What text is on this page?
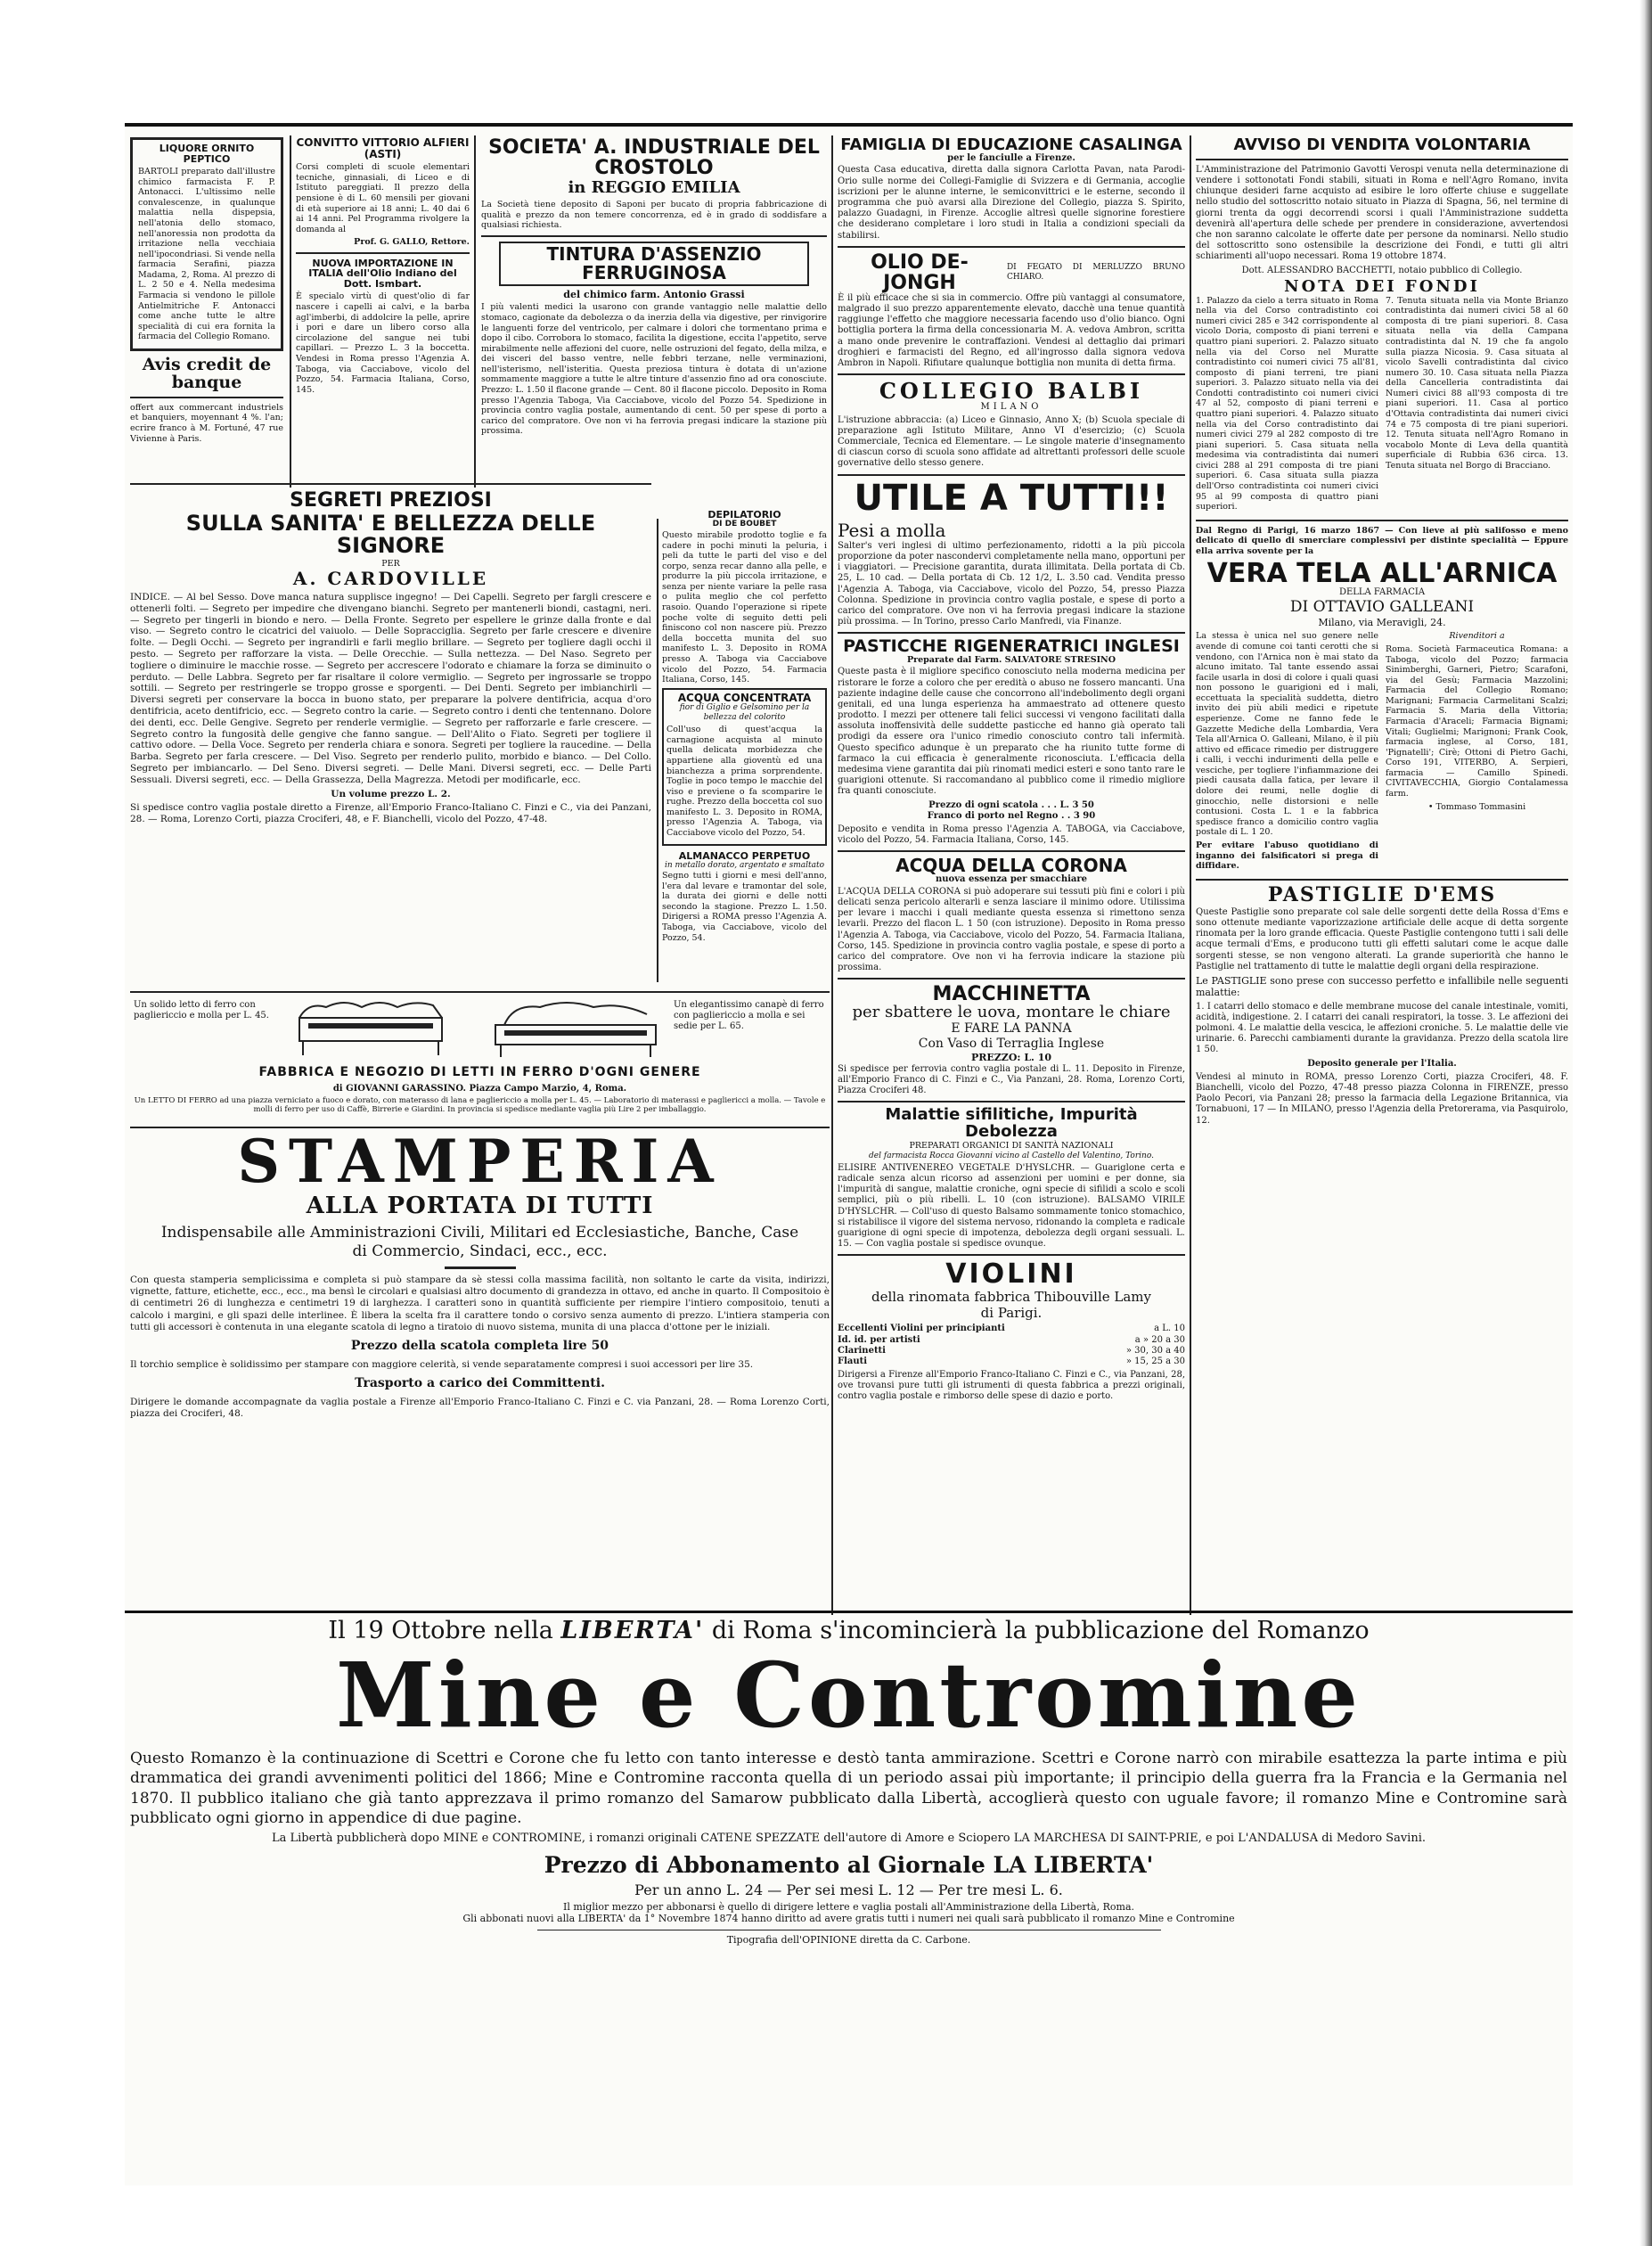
LIQUORE ORNITO PEPTICO

BARTOLI preparato dall'illustre chimico farmacista F. P. Antonacci. L'ultissimo nelle convalescenze, in qualunque malattia nella dispepsia, nell'atonia dello stomaco, nell'anoressia non prodotta da irritazione nella vecchiaia nell'ipocondriasi. Si vende nella farmacia Serafini, piazza Madama, 2, Roma. Al prezzo di L. 2 50 e 4. Nella medesima Farmacia si vendono le pillole Antielmitriche F. Antonacci come anche tutte le altre specialità di cui era fornita la farmacia del Collegio Romano.

Avis credit de banque

offert aux commercant industriels et banquiers, moyennant 4 %. l'an; ecrire franco à M. Fortuné, 47 rue Vivienne à Paris.

CONVITTO VITTORIO ALFIERI (ASTI)

Corsi completi di scuole elementari tecniche, ginnasiali, di Liceo e di Istituto pareggiati. Il prezzo della pensione è di L. 60 mensili per giovani di età superiore ai 18 anni; L. 40 dai 6 ai 14 anni. Pel Programma rivolgere la domanda al

Prof. G. GALLO, Rettore.

NUOVA IMPORTAZIONE IN ITALIA dell'Olio Indiano del Dott. Ismbart.

È specialo virtù di quest'olio di far nascere i capelli ai calvi, e la barba agl'imberbi, di addolcire la pelle, aprire i pori e dare un libero corso alla circolazione del sangue nei tubi capillari. — Prezzo L. 3 la boccetta. Vendesi in Roma presso l'Agenzia A. Taboga, via Cacciabove, vicolo del Pozzo, 54. Farmacia Italiana, Corso, 145.

SOCIETA' A. INDUSTRIALE DEL CROSTOLO
in REGGIO EMILIA

La Società tiene deposito di Saponi per bucato di propria fabbricazione di qualità e prezzo da non temere concorrenza, ed è in grado di soddisfare a qualsiasi richiesta.

TINTURA D'ASSENZIO FERRUGINOSA
del chimico farm. Antonio Grassi

I più valenti medici la usarono con grande vantaggio nelle malattie dello stomaco, cagionate da debolezza o da inerzia della via digestive, per rinvigorire le languenti forze del ventricolo, per calmare i dolori che tormentano prima e dopo il cibo. Corrobora lo stomaco, facilita la digestione, eccita l'appetito, serve mirabilmente nelle affezioni del cuore, nelle ostruzioni del fegato, della milza, e dei visceri del basso ventre, nelle febbri terzane, nelle verminazioni, nell'isterismo, nell'isteritia. Questa preziosa tintura è dotata di un'azione sommamente maggiore a tutte le altre tinture d'assenzio fino ad ora conosciute. Prezzo: L. 1.50 il flacone grande — Cent. 80 il flacone piccolo. Deposito in Roma presso l'Agenzia Taboga, Via Cacciabove, vicolo del Pozzo 54. Spedizione in provincia contro vaglia postale, aumentando di cent. 50 per spese di porto a carico del compratore. Ove non vi ha ferrovia pregasi indicare la stazione più prossima.

SEGRETI PREZIOSI
SULLA SANITA' E BELLEZZA DELLE SIGNORE
PER
A. CARDOVILLE

INDICE. — Al bel Sesso. Dove manca natura supplisce ingegno! — Dei Capelli. Segreto per fargli crescere e ottenerli folti. — Segreto per impedire che divengano bianchi. Segreto per mantenerli biondi, castagni, neri. — Segreto per tingerli in biondo e nero. — Della Fronte. Segreto per espellere le grinze dalla fronte e dal viso. — Segreto contro le cicatrici del vaiuolo. — Delle Sopracciglia. Segreto per farle crescere e divenire folte. — Degli Occhi. — Segreto per ingrandirli e farli meglio brillare. — Segreto per togliere dagli occhi il pesto. — Segreto per rafforzare la vista. — Delle Orecchie. — Sulla nettezza. — Del Naso. Segreto per togliere o diminuire le macchie rosse. — Segreto per accrescere l'odorato e chiamare la forza se diminuito o perduto. — Delle Labbra. Segreto per far risaltare il colore vermiglio. — Segreto per ingrossarle se troppo sottili. — Segreto per restringerle se troppo grosse e sporgenti. — Dei Denti. Segreto per imbianchirli — Diversi segreti per conservare la bocca in buono stato, per preparare la polvere dentifricia, acqua d'oro dentifricia, aceto dentifricio, ecc. — Segreto contro la carie. — Segreto contro i denti che tentennano. Dolore dei denti, ecc. Delle Gengive. Segreto per renderle vermiglie. — Segreto per rafforzarle e farle crescere. — Segreto contro la fungosità delle gengive che fanno sangue. — Dell'Alito o Fiato. Segreti per togliere il cattivo odore. — Della Voce. Segreto per renderla chiara e sonora. Segreti per togliere la raucedine. — Della Barba. Segreto per farla crescere. — Del Viso. Segreto per renderlo pulito, morbido e bianco. — Del Collo. Segreto per imbiancarlo. — Del Seno. Diversi segreti. — Delle Mani. Diversi segreti, ecc. — Delle Parti Sessuali. Diversi segreti, ecc. — Della Grassezza, Della Magrezza. Metodi per modificarle, ecc.

Un volume prezzo L. 2.

Si spedisce contro vaglia postale diretto a Firenze, all'Emporio Franco-Italiano C. Finzi e C., via dei Panzani, 28. — Roma, Lorenzo Corti, piazza Crociferi, 48, e F. Bianchelli, vicolo del Pozzo, 47-48.

DEPILATORIO
DI DE BOUBET

Questo mirabile prodotto toglie e fa cadere in pochi minuti la peluria, i peli da tutte le parti del viso e del corpo, senza recar danno alla pelle, e produrre la più piccola irritazione, e senza per niente variare la pelle rasa o pulita meglio che col perfetto rasoio. Quando l'operazione si ripete poche volte di seguito detti peli finiscono col non nascere più. Prezzo della boccetta munita del suo manifesto L. 3. Deposito in ROMA presso A. Taboga via Cacciabove vicolo del Pozzo, 54. Farmacia Italiana, Corso, 145.

ACQUA CONCENTRATA
fior di Giglio e Gelsomino per la bellezza del colorito

Coll'uso di quest'acqua la carnagione acquista al minuto quella delicata morbidezza che appartiene alla gioventù ed una bianchezza a prima sorprendente. Toglie in poco tempo le macchie del viso e previene o fa scomparire le rughe. Prezzo della boccetta col suo manifesto L. 3. Deposito in ROMA, presso l'Agenzia A. Taboga, via Cacciabove vicolo del Pozzo, 54.

ALMANACCO PERPETUO
in metallo dorato, argentato e smaltato

Segno tutti i giorni e mesi dell'anno, l'era dal levare e tramontar del sole, la durata dei giorni e delle notti secondo la stagione. Prezzo L. 1.50. Dirigersi a ROMA presso l'Agenzia A. Taboga, via Cacciabove, vicolo del Pozzo, 54.

Un solido letto di ferro con pagliericcio e molla per L. 45.
Un elegantissimo canapè di ferro con pagliericcio a molla e sei sedie per L. 65.
FABBRICA E NEGOZIO DI LETTI IN FERRO D'OGNI GENERE
di GIOVANNI GARASSINO. Piazza Campo Marzio, 4, Roma.
Un LETTO DI FERRO ad una piazza verniciato a fuoco e dorato, con materasso di lana e pagliericcio a molla per L. 45. — Laboratorio di materassi e pagliericci a molla. — Tavole e molli di ferro per uso di Caffè, Birrerie e Giardini. In provincia si spedisce mediante vaglia più Lire 2 per imballaggio.
STAMPERIA
ALLA PORTATA DI TUTTI
Indispensabile alle Amministrazioni Civili, Militari ed Ecclesiastiche, Banche, Case di Commercio, Sindaci, ecc., ecc.

Con questa stamperia semplicissima e completa si può stampare da sè stessi colla massima facilità, non soltanto le carte da visita, indirizzi, vignette, fatture, etichette, ecc., ecc., ma bensì le circolari e qualsiasi altro documento di grandezza in ottavo, ed anche in quarto. Il Compositoio è di centimetri 26 di lunghezza e centimetri 19 di larghezza. I caratteri sono in quantità sufficiente per riempire l'intiero compositoio, tenuti a calcolo i margini, e gli spazi delle interlinee. È libera la scelta fra il carattere tondo o corsivo senza aumento di prezzo. L'intiera stamperia con tutti gli accessori è contenuta in una elegante scatola di legno a tiratoio di nuovo sistema, munita di una placca d'ottone per le iniziali.

Prezzo della scatola completa lire 50

Il torchio semplice è solidissimo per stampare con maggiore celerità, si vende separatamente compresi i suoi accessori per lire 35.

Trasporto a carico dei Committenti.

Dirigere le domande accompagnate da vaglia postale a Firenze all'Emporio Franco-Italiano C. Finzi e C. via Panzani, 28. — Roma Lorenzo Corti, piazza dei Crociferi, 48.

FAMIGLIA DI EDUCAZIONE CASALINGA
per le fanciulle a Firenze.

Questa Casa educativa, diretta dalla signora Carlotta Pavan, nata Parodi-Orio sulle norme dei Collegi-Famiglie di Svizzera e di Germania, accoglie iscrizioni per le alunne interne, le semiconvittrici e le esterne, secondo il programma che può avarsi alla Direzione del Collegio, piazza S. Spirito, palazzo Guadagni, in Firenze. Accoglie altresì quelle signorine forestiere che desiderano completare i loro studi in Italia a condizioni speciali da stabilirsi.

OLIO DE-JONGH
DI FEGATO DI MERLUZZO BRUNO CHIARO.

È il più efficace che si sia in commercio. Offre più vantaggi al consumatore, malgrado il suo prezzo apparentemente elevato, dacchè una tenue quantità raggiunge l'effetto che maggiore necessaria facendo uso d'olio bianco. Ogni bottiglia portera la firma della concessionaria M. A. vedova Ambron, scritta a mano onde prevenire le contraffazioni. Vendesi al dettaglio dai primari droghieri e farmacisti del Regno, ed all'ingrosso dalla signora vedova Ambron in Napoli. Rifiutare qualunque bottiglia non munita di detta firma.

COLLEGIO BALBI
MILANO

L'istruzione abbraccia: (a) Liceo e Ginnasio, Anno X; (b) Scuola speciale di preparazione agli Istituto Militare, Anno VI d'esercizio; (c) Scuola Commerciale, Tecnica ed Elementare. — Le singole materie d'insegnamento di ciascun corso di scuola sono affidate ad altrettanti professori delle scuole governative dello stesso genere.

UTILE A TUTTI!!
Pesi a molla

Salter's veri inglesi di ultimo perfezionamento, ridotti a la più piccola proporzione da poter nascondervi completamente nella mano, opportuni per i viaggiatori. — Precisione garantita, durata illimitata. Della portata di Cb. 25, L. 10 cad. — Della portata di Cb. 12 1/2, L. 3.50 cad. Vendita presso l'Agenzia A. Taboga, via Cacciabove, vicolo del Pozzo, 54, presso Piazza Colonna. Spedizione in provincia contro vaglia postale, e spese di porto a carico del compratore. Ove non vi ha ferrovia pregasi indicare la stazione più prossima. — In Torino, presso Carlo Manfredi, via Finanze.

PASTICCHE RIGENERATRICI INGLESI
Preparate dal Farm. SALVATORE STRESINO

Queste pasta è il migliore specifico conosciuto nella moderna medicina per ristorare le forze a coloro che per eredità o abuso ne fossero mancanti. Una paziente indagine delle cause che concorrono all'indebolimento degli organi genitali, ed una lunga esperienza ha ammaestrato ad ottenere questo prodotto. I mezzi per ottenere tali felici successi vi vengono facilitati dalla assoluta inoffensività delle suddette pasticche ed hanno già operato tali prodigi da essere ora l'unico rimedio conosciuto contro tali infermità. Questo specifico adunque è un preparato che ha riunito tutte forme di farmaco la cui efficacia è generalmente riconosciuta. L'efficacia della medesima viene garantita dai più rinomati medici esteri e sono tanto rare le guarigioni ottenute. Si raccomandano al pubblico come il rimedio migliore fra quanti conosciute.

Prezzo di ogni scatola . . . L. 3 50

Franco di porto nel Regno . . 3 90

Deposito e vendita in Roma presso l'Agenzia A. TABOGA, via Cacciabove, vicolo del Pozzo, 54. Farmacia Italiana, Corso, 145.

ACQUA DELLA CORONA
nuova essenza per smacchiare

L'ACQUA DELLA CORONA si può adoperare sui tessuti più fini e colori i più delicati senza pericolo alterarli e senza lasciare il minimo odore. Utilissima per levare i macchi i quali mediante questa essenza si rimettono senza levarli. Prezzo del flacon L. 1 50 (con istruzione). Deposito in Roma presso l'Agenzia A. Taboga, via Cacciabove, vicolo del Pozzo, 54. Farmacia Italiana, Corso, 145. Spedizione in provincia contro vaglia postale, e spese di porto a carico del compratore. Ove non vi ha ferrovia indicare la stazione più prossima.

MACCHINETTA
per sbattere le uova, montare le chiare
E FARE LA PANNA
Con Vaso di Terraglia Inglese
PREZZO: L. 10

Si spedisce per ferrovia contro vaglia postale di L. 11. Deposito in Firenze, all'Emporio Franco di C. Finzi e C., Via Panzani, 28. Roma, Lorenzo Corti, Piazza Crociferi 48.

Malattie sifilitiche, Impurità Debolezza
PREPARATI ORGANICI DI SANITÀ NAZIONALI
del farmacista Rocca Giovanni vicino al Castello del Valentino, Torino.

ELISIRE ANTIVENEREO VEGETALE D'HYSLCHR. — Guariglone certa e radicale senza alcun ricorso ad assenzioni per uomini e per donne, sia l'impurità di sangue, malattie croniche, ogni specie di sifilidi a scolo e scoli semplici, più o più ribelli. L. 10 (con istruzione). BALSAMO VIRILE D'HYSLCHR. — Coll'uso di questo Balsamo sommamente tonico stomachico, si ristabilisce il vigore del sistema nervoso, ridonando la completa e radicale guarigione di ogni specie di impotenza, debolezza degli organi sessuali. L. 15. — Con vaglia postale si spedisce ovunque.

VIOLINI
della rinomata fabbrica Thibouville Lamy
di Parigi.
Eccellenti Violini per principianti	a L. 10
Id. id. per artisti	a » 20 a 30
Clarinetti	» 30, 30 a 40
Flauti	» 15, 25 a 30

Dirigersi a Firenze all'Emporio Franco-Italiano C. Finzi e C., via Panzani, 28, ove trovansi pure tutti gli istrumenti di questa fabbrica a prezzi originali, contro vaglia postale e rimborso delle spese di dazio e porto.

AVVISO DI VENDITA VOLONTARIA

L'Amministrazione del Patrimonio Gavotti Verospi venuta nella determinazione di vendere i sottonotati Fondi stabili, situati in Roma e nell'Agro Romano, invita chiunque desideri farne acquisto ad esibire le loro offerte chiuse e suggellate nello studio del sottoscritto notaio situato in Piazza di Spagna, 56, nel termine di giorni trenta da oggi decorrendi scorsi i quali l'Amministrazione suddetta devenirà all'apertura delle schede per prendere in considerazione, avvertendosi che non saranno calcolate le offerte date per persone da nominarsi. Nello studio del sottoscritto sono ostensibile la descrizione dei Fondi, e tutti gli altri schiarimenti all'uopo necessari. Roma 19 ottobre 1874.

Dott. ALESSANDRO BACCHETTI, notaio pubblico di Collegio.

NOTA DEI FONDI

1. Palazzo da cielo a terra situato in Roma nella via del Corso contradistinto coi numeri civici 285 e 342 corrispondente al vicolo Doria, composto di piani terreni e quattro piani superiori. 2. Palazzo situato nella via del Corso nel Muratte contradistinto coi numeri civici 75 all'81, composto di piani terreni, tre piani superiori. 3. Palazzo situato nella via dei Condotti contradistinto coi numeri civici 47 al 52, composto di piani terreni e quattro piani superiori. 4. Palazzo situato nella via del Corso contradistinto dai numeri civici 279 al 282 composto di tre piani superiori. 5. Casa situata nella medesima via contradistinta dai numeri civici 288 al 291 composta di tre piani superiori. 6. Casa situata sulla piazza dell'Orso contradistinta coi numeri civici 95 al 99 composta di quattro piani superiori.

7. Tenuta situata nella via Monte Brianzo contradistinta dai numeri civici 58 al 60 composta di tre piani superiori. 8. Casa situata nella via della Campana contradistinta dal N. 19 che fa angolo sulla piazza Nicosia. 9. Casa situata al vicolo Savelli contradistinta dal civico numero 30. 10. Casa situata nella Piazza della Cancelleria contradistinta dai Numeri civici 88 all'93 composta di tre piani superiori. 11. Casa al portico d'Ottavia contradistinta dai numeri civici 74 e 75 composta di tre piani superiori. 12. Tenuta situata nell'Agro Romano in vocabolo Monte di Leva della quantità superficiale di Rubbia 636 circa. 13. Tenuta situata nel Borgo di Bracciano.

Dal Regno di Parigi, 16 marzo 1867 — Con lieve ai più salifosso e meno delicato di quello di smerciare complessivi per distinte specialità — Eppure ella arriva sovente per la

VERA TELA ALL'ARNICA
DELLA FARMACIA
DI OTTAVIO GALLEANI
Milano, via Meravigli, 24.

La stessa è unica nel suo genere nelle avende di comune coi tanti cerotti che si vendono, con l'Arnica non è mai stato da alcuno imitato. Tal tante essendo assai facile usarla in dosi di colore i quali quasi non possono le guarigioni ed i mali, eccettuata la specialità suddetta, dietro invito dei più abili medici e ripetute esperienze. Come ne fanno fede le Gazzette Mediche della Lombardia, Vera Tela all'Arnica O. Galleani, Milano, è il più attivo ed efficace rimedio per distruggere i calli, i vecchi indurimenti della pelle e vesciche, per togliere l'infiammazione dei piedi causata dalla fatica, per levare il dolore dei reumi, nelle doglie di ginocchio, nelle distorsioni e nelle contusioni. Costa L. 1 e la fabbrica spedisce franco a domicilio contro vaglia postale di L. 1 20.

Per evitare l'abuso quotidiano di inganno dei falsificatori si prega di diffidare.

Rivenditori a

Roma. Società Farmaceutica Romana: a Taboga, vicolo del Pozzo; farmacia Sinimberghi, Garneri, Pietro; Scarafoni, via del Gesù; Farmacia Mazzolini; Farmacia del Collegio Romano; Marignani; Farmacia Carmelitani Scalzi; Farmacia S. Maria della Vittoria; Farmacia d'Araceli; Farmacia Bignami; Vitali; Guglielmi; Marignoni; Frank Cook, farmacia inglese, al Corso, 181, 'Pignatelli'; Cirè; Ottoni di Pietro Gachi, Corso 191, VITERBO, A. Serpieri, farmacia — Camillo Spinedi. CIVITAVECCHIA, Giorgio Contalamessa farm.

• Tommaso Tommasini

PASTIGLIE D'EMS

Queste Pastiglie sono preparate col sale delle sorgenti dette della Rossa d'Ems e sono ottenute mediante vaporizzazione artificiale delle acque di detta sorgente rinomata per la loro grande efficacia. Queste Pastiglie contengono tutti i sali delle acque termali d'Ems, e producono tutti gli effetti salutari come le acque dalle sorgenti stesse, se non vengono alterati. La grande superiorità che hanno le Pastiglie nel trattamento di tutte le malattie degli organi della respirazione.

Le PASTIGLIE sono prese con successo perfetto e infallibile nelle seguenti malattie:

1. I catarri dello stomaco e delle membrane mucose del canale intestinale, vomiti, acidità, indigestione. 2. I catarri dei canali respiratori, la tosse. 3. Le affezioni dei polmoni. 4. Le malattie della vescica, le affezioni croniche. 5. Le malattie delle vie urinarie. 6. Parecchi cambiamenti durante la gravidanza. Prezzo della scatola lire 1 50.

Deposito generale per l'Italia.

Vendesi al minuto in ROMA, presso Lorenzo Corti, piazza Crociferi, 48. F. Bianchelli, vicolo del Pozzo, 47-48 presso piazza Colonna in FIRENZE, presso Paolo Pecori, via Panzani 28; presso la farmacia della Legazione Britannica, via Tornabuoni, 17 — In MILANO, presso l'Agenzia della Pretorerama, via Pasquirolo, 12.

Il 19 Ottobre nella LIBERTA' di Roma s'incomincierà la pubblicazione del Romanzo
Mine e Contromine

Questo Romanzo è la continuazione di Scettri e Corone che fu letto con tanto interesse e destò tanta ammirazione. Scettri e Corone narrò con mirabile esattezza la parte intima e più drammatica dei grandi avvenimenti politici del 1866; Mine e Contromine racconta quella di un periodo assai più importante; il principio della guerra fra la Francia e la Germania nel 1870. Il pubblico italiano che già tanto apprezzava il primo romanzo del Samarow pubblicato dalla Libertà, accoglierà questo con uguale favore; il romanzo Mine e Contromine sarà pubblicato ogni giorno in appendice di due pagine.

La Libertà pubblicherà dopo MINE e CONTROMINE, i romanzi originali CATENE SPEZZATE dell'autore di Amore e Sciopero LA MARCHESA DI SAINT-PRIE, e poi L'ANDALUSA di Medoro Savini.

Prezzo di Abbonamento al Giornale LA LIBERTA'
Per un anno L. 24 — Per sei mesi L. 12 — Per tre mesi L. 6.
Il miglior mezzo per abbonarsi è quello di dirigere lettere e vaglia postali all'Amministrazione della Libertà, Roma.
Gli abbonati nuovi alla LIBERTA' da 1° Novembre 1874 hanno diritto ad avere gratis tutti i numeri nei quali sarà pubblicato il romanzo Mine e Contromine
Tipografia dell'OPINIONE diretta da C. Carbone.
